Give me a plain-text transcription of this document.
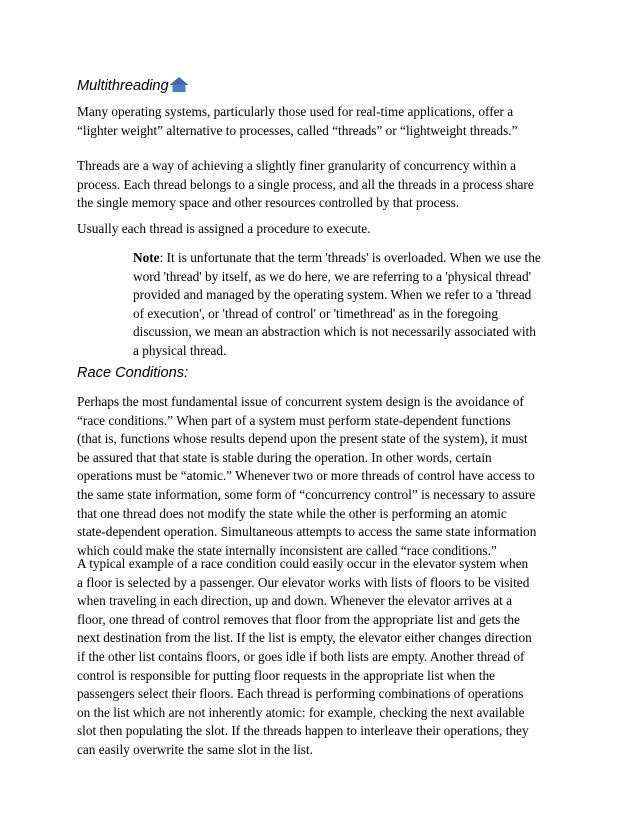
Multithreading
Many operating systems, particularly those used for real-time applications, offer a
“lighter weight” alternative to processes, called “threads” or “lightweight threads.”
Threads are a way of achieving a slightly finer granularity of concurrency within a
process. Each thread belongs to a single process, and all the threads in a process share
the single memory space and other resources controlled by that process.
Usually each thread is assigned a procedure to execute.
Note: It is unfortunate that the term 'threads' is overloaded. When we use the
word 'thread' by itself, as we do here, we are referring to a 'physical thread'
provided and managed by the operating system. When we refer to a 'thread
of execution', or 'thread of control' or 'timethread' as in the foregoing
discussion, we mean an abstraction which is not necessarily associated with
a physical thread.
Race Conditions:
Perhaps the most fundamental issue of concurrent system design is the avoidance of
“race conditions.” When part of a system must perform state-dependent functions
(that is, functions whose results depend upon the present state of the system), it must
be assured that that state is stable during the operation. In other words, certain
operations must be “atomic.” Whenever two or more threads of control have access to
the same state information, some form of “concurrency control” is necessary to assure
that one thread does not modify the state while the other is performing an atomic
state-dependent operation. Simultaneous attempts to access the same state information
which could make the state internally inconsistent are called “race conditions.”
A typical example of a race condition could easily occur in the elevator system when
a floor is selected by a passenger. Our elevator works with lists of floors to be visited
when traveling in each direction, up and down. Whenever the elevator arrives at a
floor, one thread of control removes that floor from the appropriate list and gets the
next destination from the list. If the list is empty, the elevator either changes direction
if the other list contains floors, or goes idle if both lists are empty. Another thread of
control is responsible for putting floor requests in the appropriate list when the
passengers select their floors. Each thread is performing combinations of operations
on the list which are not inherently atomic: for example, checking the next available
slot then populating the slot. If the threads happen to interleave their operations, they
can easily overwrite the same slot in the list.
